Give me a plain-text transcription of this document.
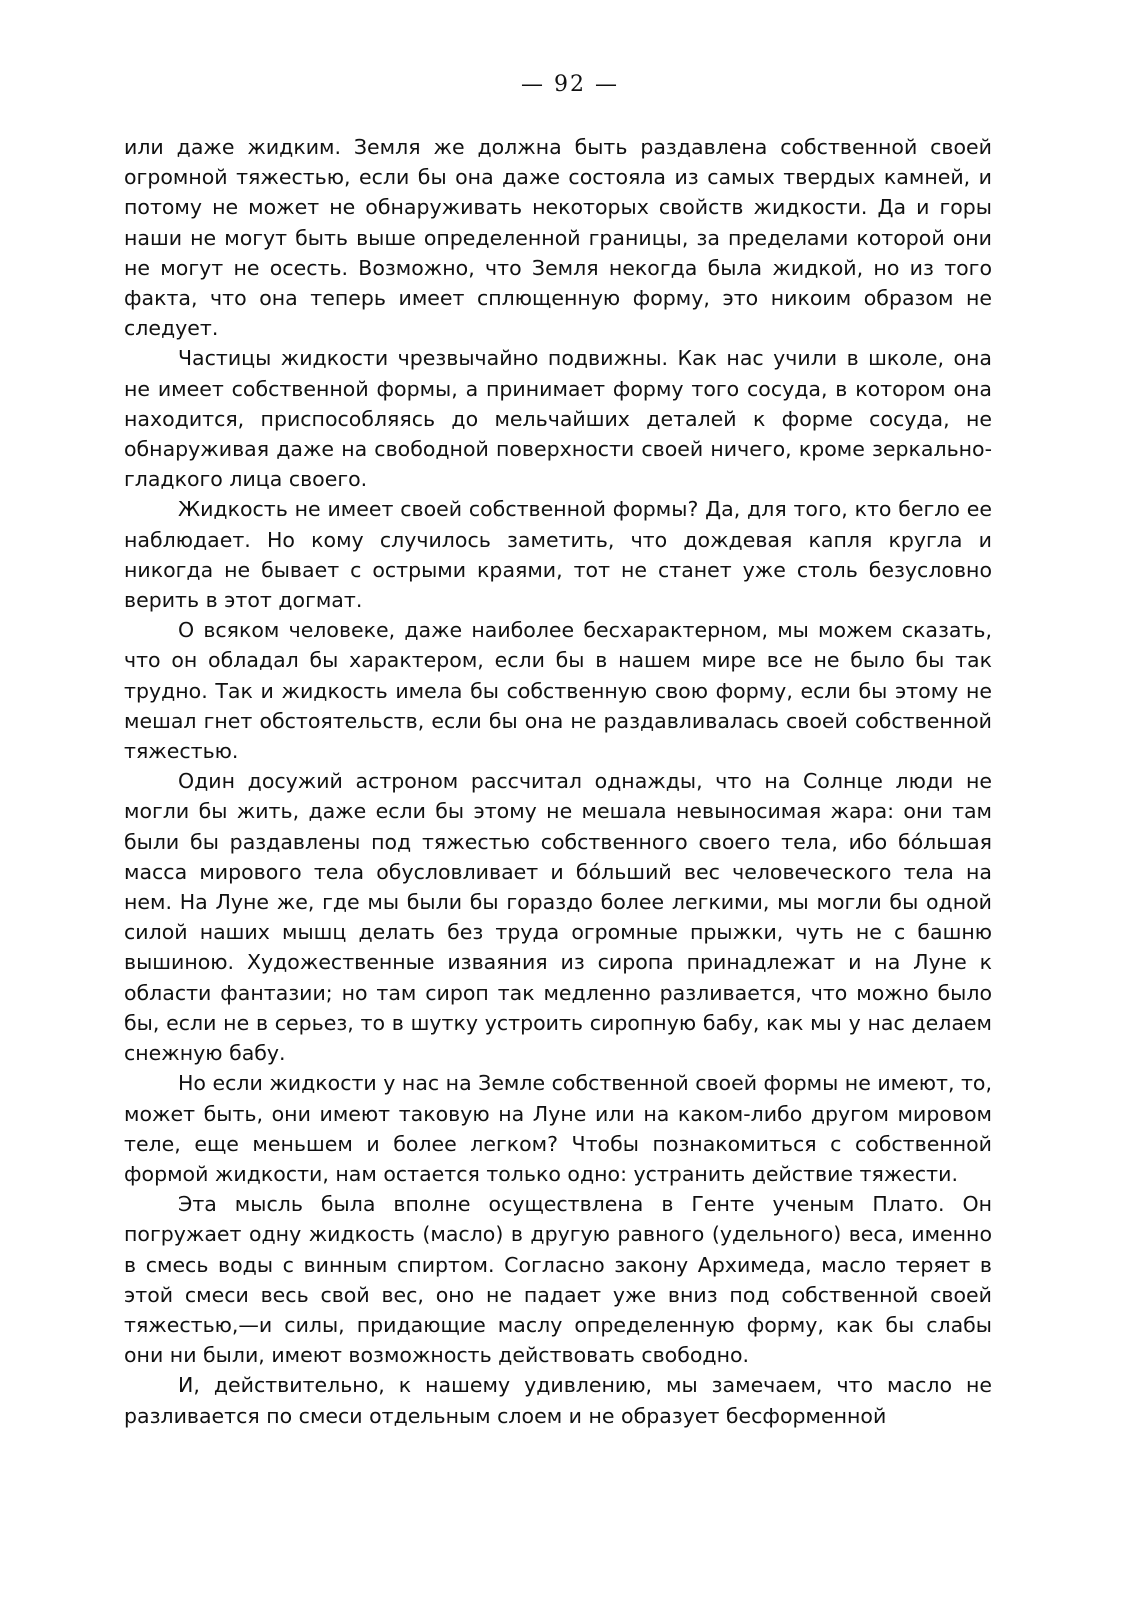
— 92 —

или даже жидким. Земля же должна быть раздавлена собственной своей огромной тяжестью, если бы она даже состояла из самых твердых камней, и потому не может не обнаруживать некоторых свойств жидкости. Да и горы наши не могут быть выше определенной границы, за пределами которой они не могут не осесть. Возможно, что Земля некогда была жидкой, но из того факта, что она теперь имеет сплющенную форму, это никоим образом не следует.

Частицы жидкости чрезвычайно подвижны. Как нас учили в школе, она не имеет собственной формы, а принимает форму того сосуда, в котором она находится, приспособляясь до мельчайших деталей к форме сосуда, не обнаруживая даже на свободной поверхности своей ничего, кроме зеркально-гладкого лица своего.

Жидкость не имеет своей собственной формы? Да, для того, кто бегло ее наблюдает. Но кому случилось заметить, что дождевая капля кругла и никогда не бывает с острыми краями, тот не станет уже столь безусловно верить в этот догмат.

О всяком человеке, даже наиболее бесхарактерном, мы можем сказать, что он обладал бы характером, если бы в нашем мире все не было бы так трудно. Так и жидкость имела бы собственную свою форму, если бы этому не мешал гнет обстоятельств, если бы она не раздавливалась своей собственной тяжестью.

Один досужий астроном рассчитал однажды, что на Солнце люди не могли бы жить, даже если бы этому не мешала невыносимая жара: они там были бы раздавлены под тяжестью собственного своего тела, ибо бо́льшая масса мирового тела обусловливает и бо́льший вес человеческого тела на нем. На Луне же, где мы были бы гораздо более легкими, мы могли бы одной силой наших мышц делать без труда огромные прыжки, чуть не с башню вышиною. Художественные изваяния из сиропа принадлежат и на Луне к области фантазии; но там сироп так медленно разливается, что можно было бы, если не в серьез, то в шутку устроить сиропную бабу, как мы у нас делаем снежную бабу.

Но если жидкости у нас на Земле собственной своей формы не имеют, то, может быть, они имеют таковую на Луне или на каком-либо другом мировом теле, еще меньшем и более легком? Чтобы познакомиться с собственной формой жидкости, нам остается только одно: устранить действие тяжести.

Эта мысль была вполне осуществлена в Генте ученым Плато. Он погружает одну жидкость (масло) в другую равного (удельного) веса, именно в смесь воды с винным спиртом. Согласно закону Архимеда, масло теряет в этой смеси весь свой вес, оно не падает уже вниз под собственной своей тяжестью,—и силы, придающие маслу определенную форму, как бы слабы они ни были, имеют возможность действовать свободно.

И, действительно, к нашему удивлению, мы замечаем, что масло не разливается по смеси отдельным слоем и не образует бесформенной
